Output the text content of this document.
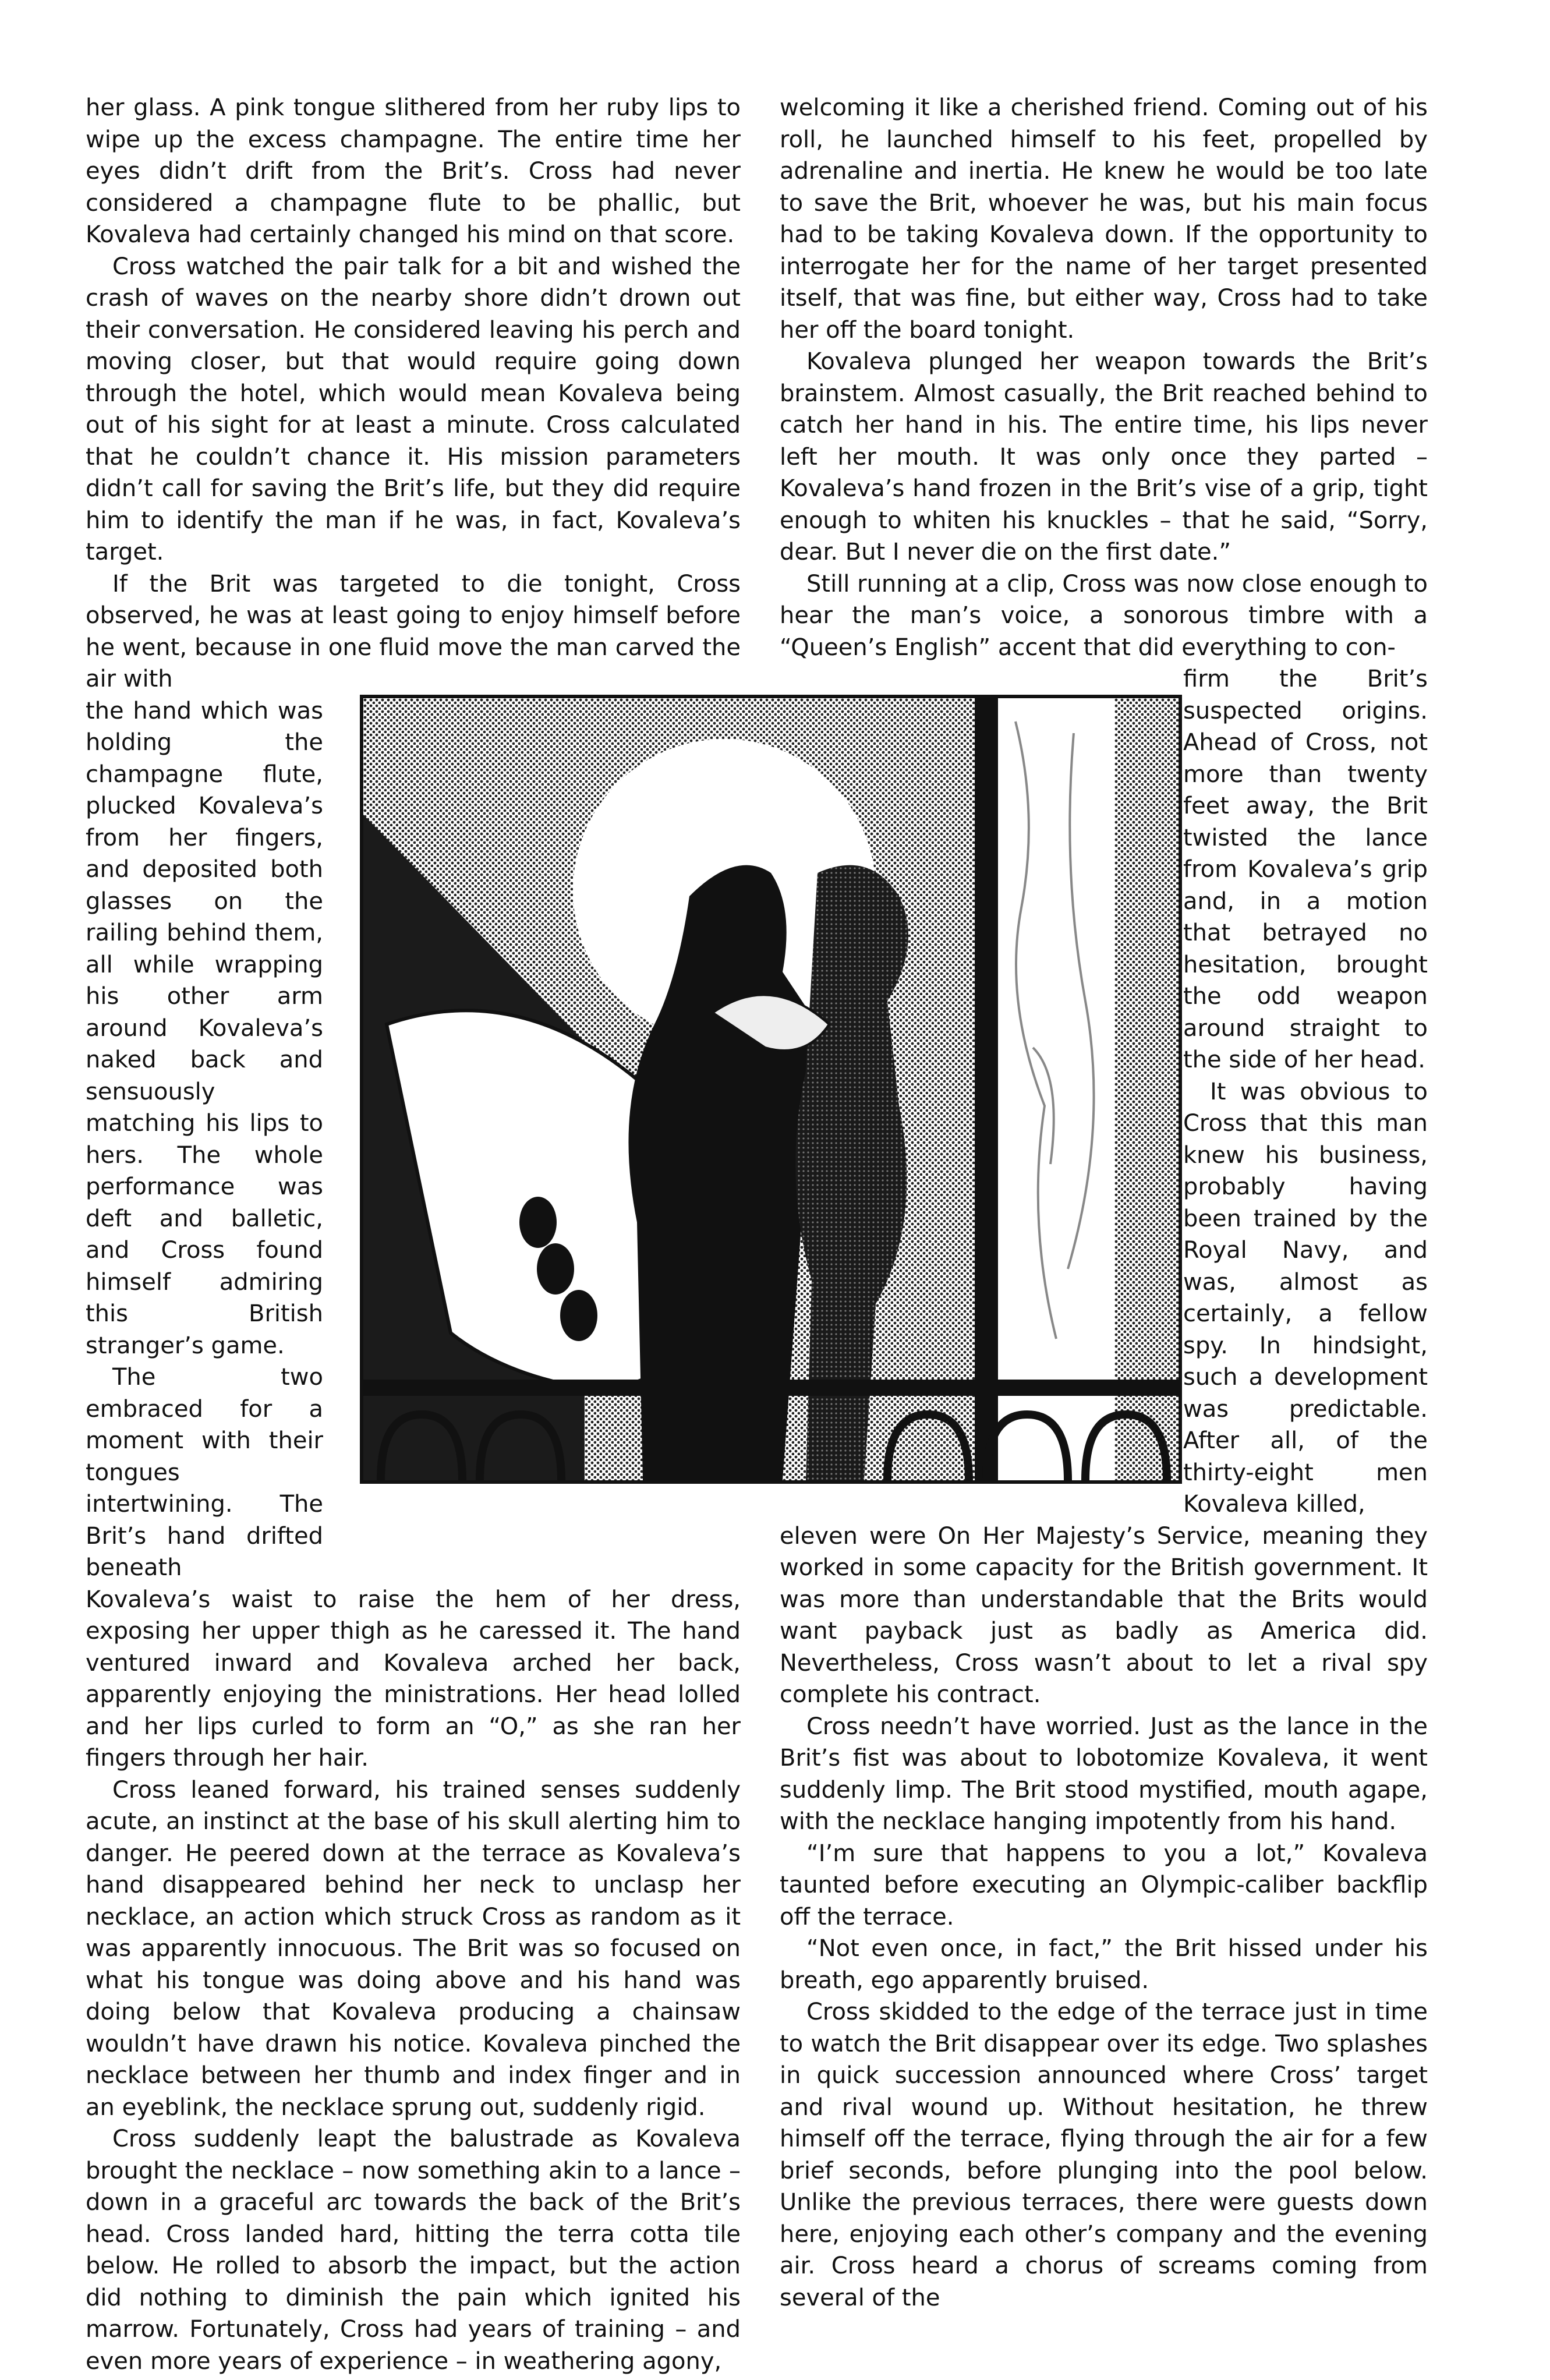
her glass. A pink tongue slithered from her ruby lips to wipe up the excess champagne. The entire time her eyes didn’t drift from the Brit’s. Cross had never considered a champagne flute to be phallic, but Kovaleva had certainly changed his mind on that score.

Cross watched the pair talk for a bit and wished the crash of waves on the nearby shore didn’t drown out their conversation. He considered leaving his perch and moving closer, but that would require going down through the hotel, which would mean Kovaleva being out of his sight for at least a minute. Cross calculated that he couldn’t chance it. His mission parameters didn’t call for saving the Brit’s life, but they did require him to identify the man if he was, in fact, Kovaleva’s target.

If the Brit was targeted to die tonight, Cross observed, he was at least going to enjoy himself before he went, because in one fluid move the man carved the air with

the hand which was holding the champagne flute, plucked Kovaleva’s from her fingers, and deposited both glasses on the railing behind them, all while wrapping his other arm around Kovaleva’s naked back and sensuously matching his lips to hers. The whole performance was deft and balletic, and Cross found himself admiring this British stranger’s game.

The two embraced for a moment with their tongues intertwining. The Brit’s hand drifted beneath

Kovaleva’s waist to raise the hem of her dress, exposing her upper thigh as he caressed it. The hand ventured inward and Kovaleva arched her back, apparently enjoying the ministrations. Her head lolled and her lips curled to form an “O,” as she ran her fingers through her hair.

Cross leaned forward, his trained senses suddenly acute, an instinct at the base of his skull alerting him to danger. He peered down at the terrace as Kovaleva’s hand disappeared behind her neck to unclasp her necklace, an action which struck Cross as random as it was apparently innocuous. The Brit was so focused on what his tongue was doing above and his hand was doing below that Kovaleva producing a chainsaw wouldn’t have drawn his notice. Kovaleva pinched the necklace between her thumb and index finger and in an eyeblink, the necklace sprung out, suddenly rigid.

Cross suddenly leapt the balustrade as Kovaleva brought the necklace – now something akin to a lance – down in a graceful arc towards the back of the Brit’s head. Cross landed hard, hitting the terra cotta tile below. He rolled to absorb the impact, but the action did nothing to diminish the pain which ignited his marrow. Fortunately, Cross had years of training – and even more years of experience – in weathering agony,

welcoming it like a cherished friend. Coming out of his roll, he launched himself to his feet, propelled by adrenaline and inertia. He knew he would be too late to save the Brit, whoever he was, but his main focus had to be taking Kovaleva down. If the opportunity to interrogate her for the name of her target presented itself, that was fine, but either way, Cross had to take her off the board tonight.

Kovaleva plunged her weapon towards the Brit’s brainstem. Almost casually, the Brit reached behind to catch her hand in his. The entire time, his lips never left her mouth. It was only once they parted – Kovaleva’s hand frozen in the Brit’s vise of a grip, tight enough to whiten his knuckles – that he said, “Sorry, dear. But I never die on the first date.”

Still running at a clip, Cross was now close enough to hear the man’s voice, a sonorous timbre with a “Queen’s English” accent that did everything to con-

firm the Brit’s suspected origins. Ahead of Cross, not more than twenty feet away, the Brit twisted the lance from Kovaleva’s grip and, in a motion that betrayed no hesitation, brought the odd weapon around straight to the side of her head.

It was obvious to Cross that this man knew his business, probably having been trained by the Royal Navy, and was, almost as certainly, a fellow spy. In hindsight, such a development was predictable. After all, of the thirty-eight men Kovaleva killed,

eleven were On Her Majesty’s Service, meaning they worked in some capacity for the British government. It was more than understandable that the Brits would want payback just as badly as America did. Nevertheless, Cross wasn’t about to let a rival spy complete his contract.

Cross needn’t have worried. Just as the lance in the Brit’s fist was about to lobotomize Kovaleva, it went suddenly limp. The Brit stood mystified, mouth agape, with the necklace hanging impotently from his hand.

“I’m sure that happens to you a lot,” Kovaleva taunted before executing an Olympic-caliber backflip off the terrace.

“Not even once, in fact,” the Brit hissed under his breath, ego apparently bruised.

Cross skidded to the edge of the terrace just in time to watch the Brit disappear over its edge. Two splashes in quick succession announced where Cross’ target and rival wound up. Without hesitation, he threw himself off the terrace, flying through the air for a few brief seconds, before plunging into the pool below. Unlike the previous terraces, there were guests down here, enjoying each other’s company and the evening air. Cross heard a chorus of screams coming from several of the
